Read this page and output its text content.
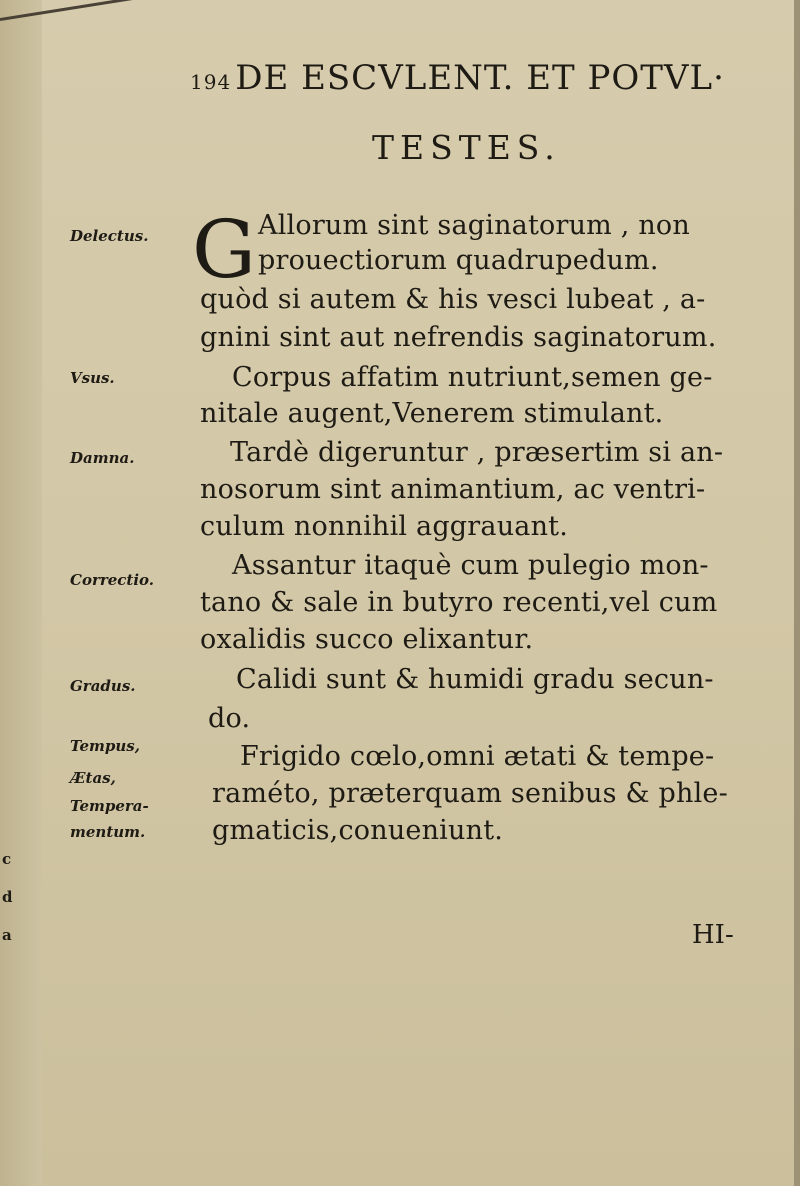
194 DE ESCVLENT. ET POTVL·
TESTES.
Delectus.
Vsus.
Damna.
Correctio.
Gradus.
Tempus,
Ætas,
Tempera-
mentum.
G Allorum sint saginatorum , non
prouectiorum quadrupedum.
quòd si autem & his vesci lubeat , a-
gnini sint aut nefrendis saginatorum.
Corpus affatim nutriunt,semen ge-
nitale augent,Venerem stimulant.
Tardè digeruntur , præsertim si an-
nosorum sint animantium, ac ventri-
culum nonnihil aggrauant.
Assantur itaquè cum pulegio mon-
tano & sale in butyro recenti,vel cum
oxalidis succo elixantur.
Calidi sunt & humidi gradu secun-
do.
Frigido cœlo,omni ætati & tempe-
raméto, præterquam senibus & phle-
gmaticis,conueniunt.
HI-
c
d
a
